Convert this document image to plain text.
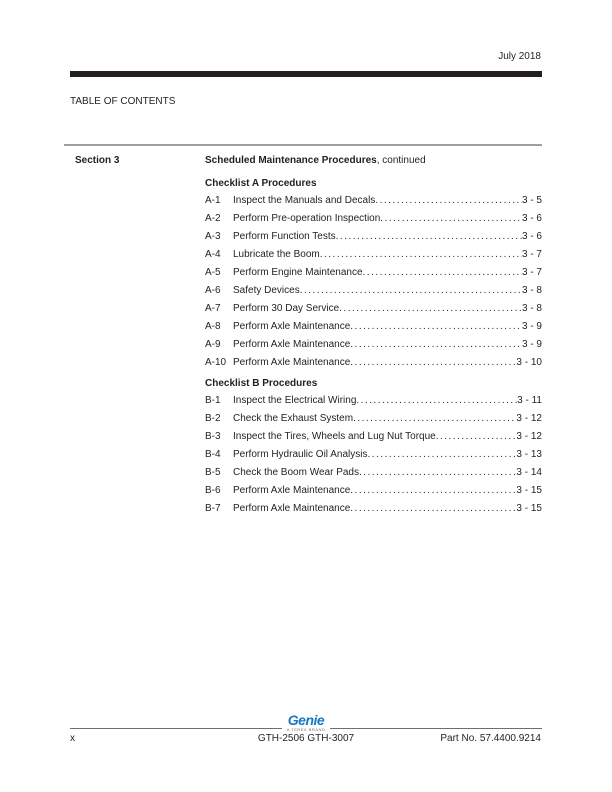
July 2018
TABLE OF CONTENTS
Section 3	Scheduled Maintenance Procedures, continued
Checklist A Procedures
A-1	Inspect the Manuals and Decals .....	3 - 5
A-2	Perform Pre-operation Inspection .....	3 - 6
A-3	Perform Function Tests .....	3 - 6
A-4	Lubricate the Boom .....	3 - 7
A-5	Perform Engine Maintenance .....	3 - 7
A-6	Safety Devices .....	3 - 8
A-7	Perform 30 Day Service .....	3 - 8
A-8	Perform Axle Maintenance .....	3 - 9
A-9	Perform Axle Maintenance .....	3 - 9
A-10 Perform Axle Maintenance .....	3 - 10
Checklist B Procedures
B-1	Inspect the Electrical Wiring .....	3 - 11
B-2	Check the Exhaust System .....	3 - 12
B-3	Inspect the Tires, Wheels and Lug Nut Torque .....	3 - 12
B-4	Perform Hydraulic Oil Analysis .....	3 - 13
B-5	Check the Boom Wear Pads .....	3 - 14
B-6	Perform Axle Maintenance .....	3 - 15
B-7	Perform Axle Maintenance .....	3 - 15
Genie
A TEREX BRAND
x	GTH-2506 GTH-3007	Part No. 57.4400.9214
